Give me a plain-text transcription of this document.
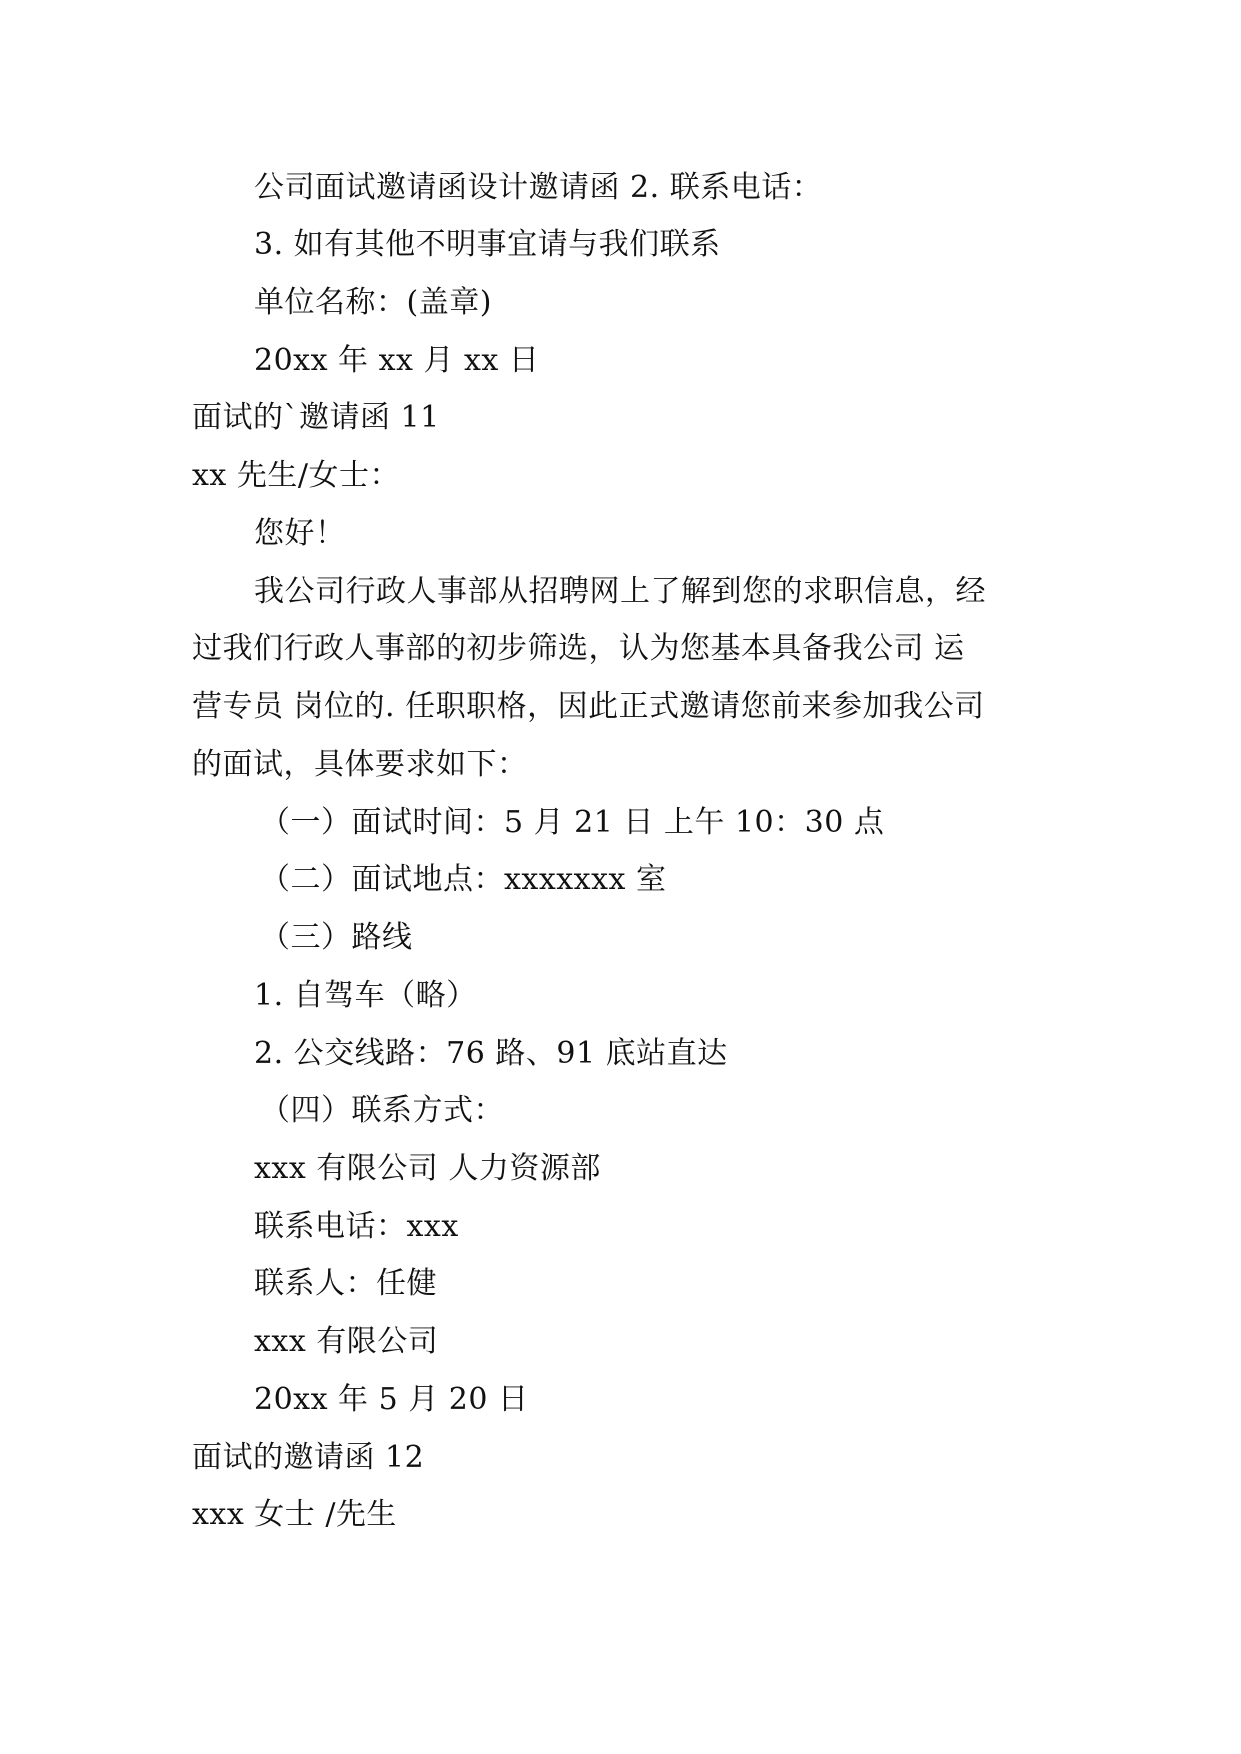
公司面试邀请函设计邀请函 2. 联系电话：
3. 如有其他不明事宜请与我们联系
单位名称：(盖章)
20xx 年 xx 月 xx 日
面试的`邀请函 11
xx 先生/女士：
您好！
我公司行政人事部从招聘网上了解到您的求职信息，经
过我们行政人事部的初步筛选，认为您基本具备我公司 运
营专员 岗位的. 任职职格，因此正式邀请您前来参加我公司
的面试，具体要求如下：
（一）面试时间：5 月 21 日 上午 10：30 点
（二）面试地点：xxxxxxx 室
（三）路线
1. 自驾车（略）
2. 公交线路：76 路、91 底站直达
（四）联系方式：
xxx 有限公司 人力资源部
联系电话：xxx
联系人：任健
xxx 有限公司
20xx 年 5 月 20 日
面试的邀请函 12
xxx 女士 /先生
